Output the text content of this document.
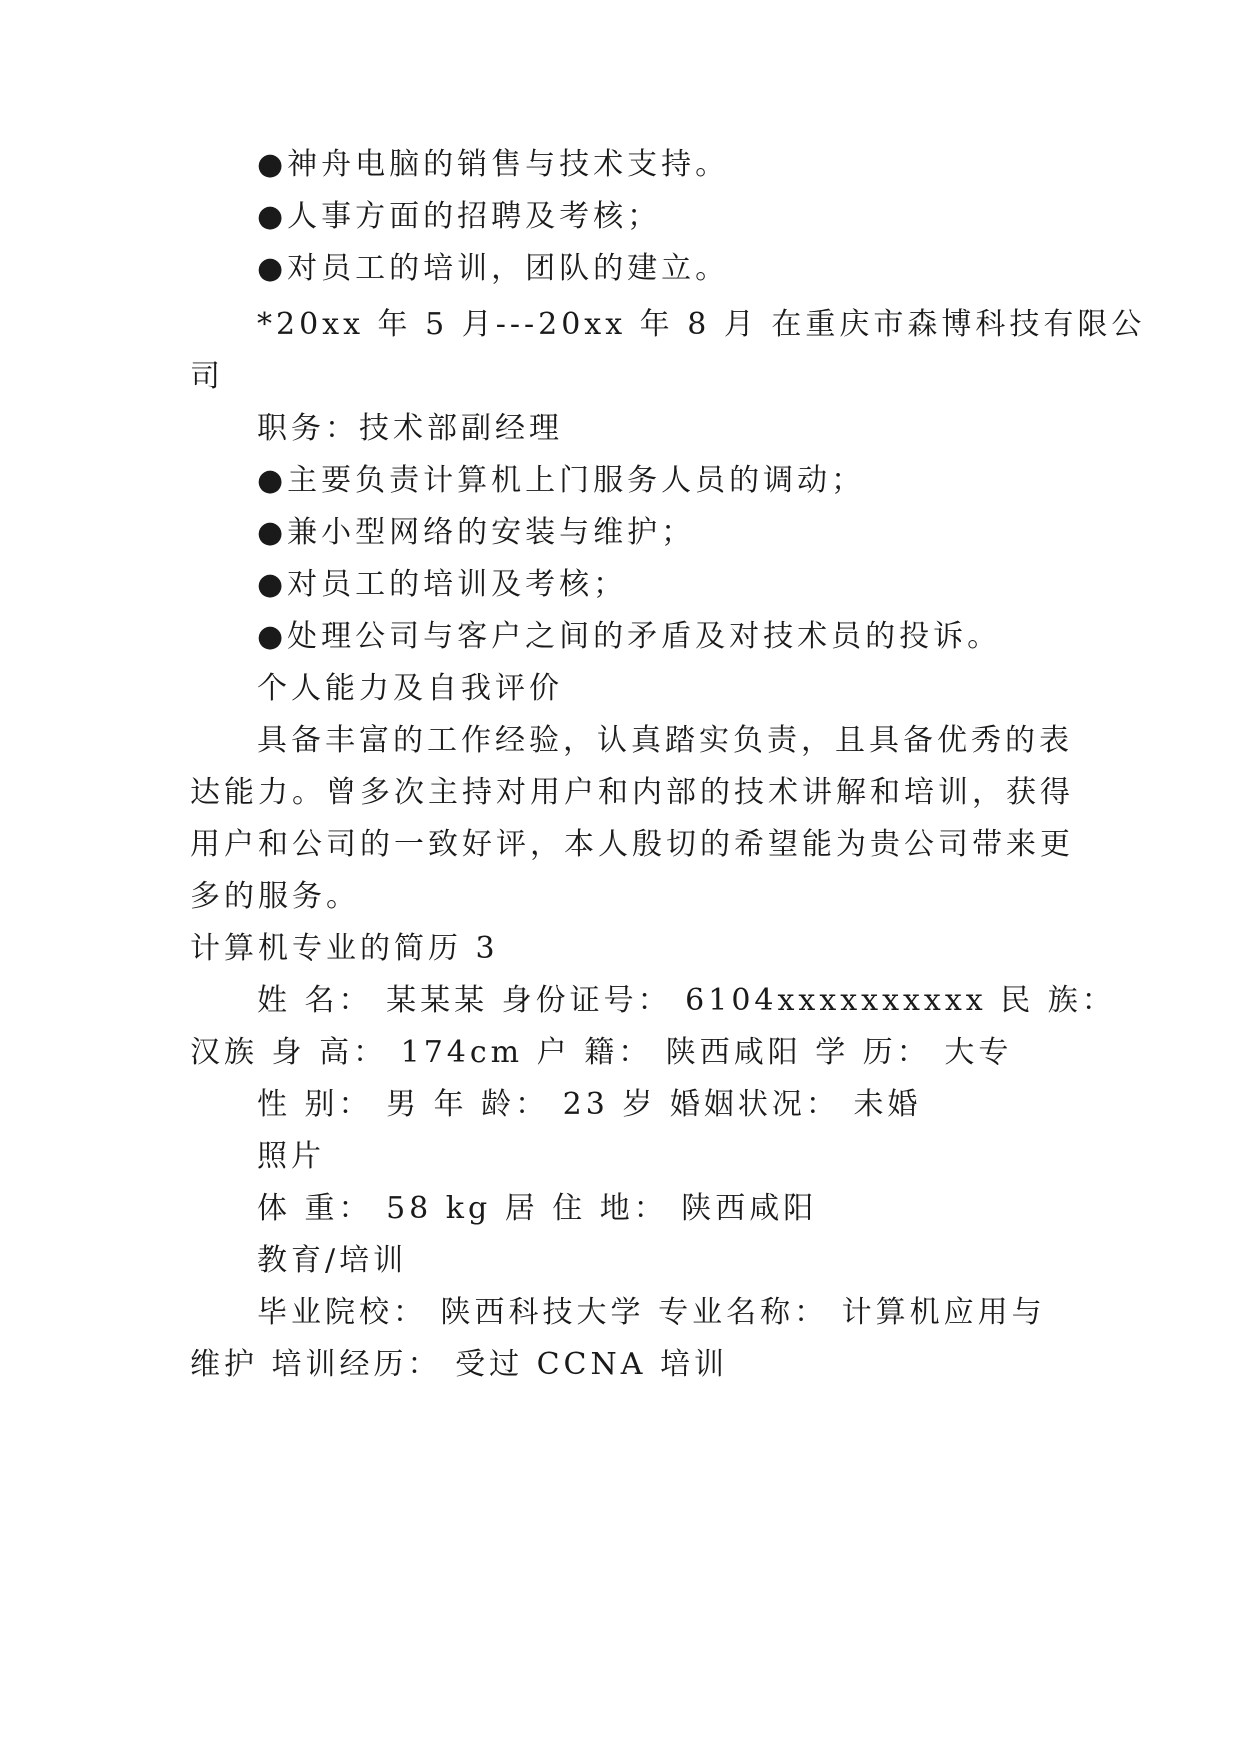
●神舟电脑的销售与技术支持。
●人事方面的招聘及考核；
●对员工的培训，团队的建立。
*20xx 年 5 月---20xx 年 8 月 在重庆市森博科技有限公
司
职务：技术部副经理
●主要负责计算机上门服务人员的调动；
●兼小型网络的安装与维护；
●对员工的培训及考核；
●处理公司与客户之间的矛盾及对技术员的投诉。
个人能力及自我评价
具备丰富的工作经验，认真踏实负责，且具备优秀的表
达能力。曾多次主持对用户和内部的技术讲解和培训，获得
用户和公司的一致好评，本人殷切的希望能为贵公司带来更
多的服务。
计算机专业的简历 3
姓 名： 某某某 身份证号： 6104xxxxxxxxxx 民 族：
汉族 身 高： 174cm 户 籍： 陕西咸阳 学 历： 大专
性 别： 男 年 龄： 23 岁 婚姻状况： 未婚
照片
体 重： 58 kg 居 住 地： 陕西咸阳
教育/培训
毕业院校： 陕西科技大学 专业名称： 计算机应用与
维护 培训经历： 受过 CCNA 培训
